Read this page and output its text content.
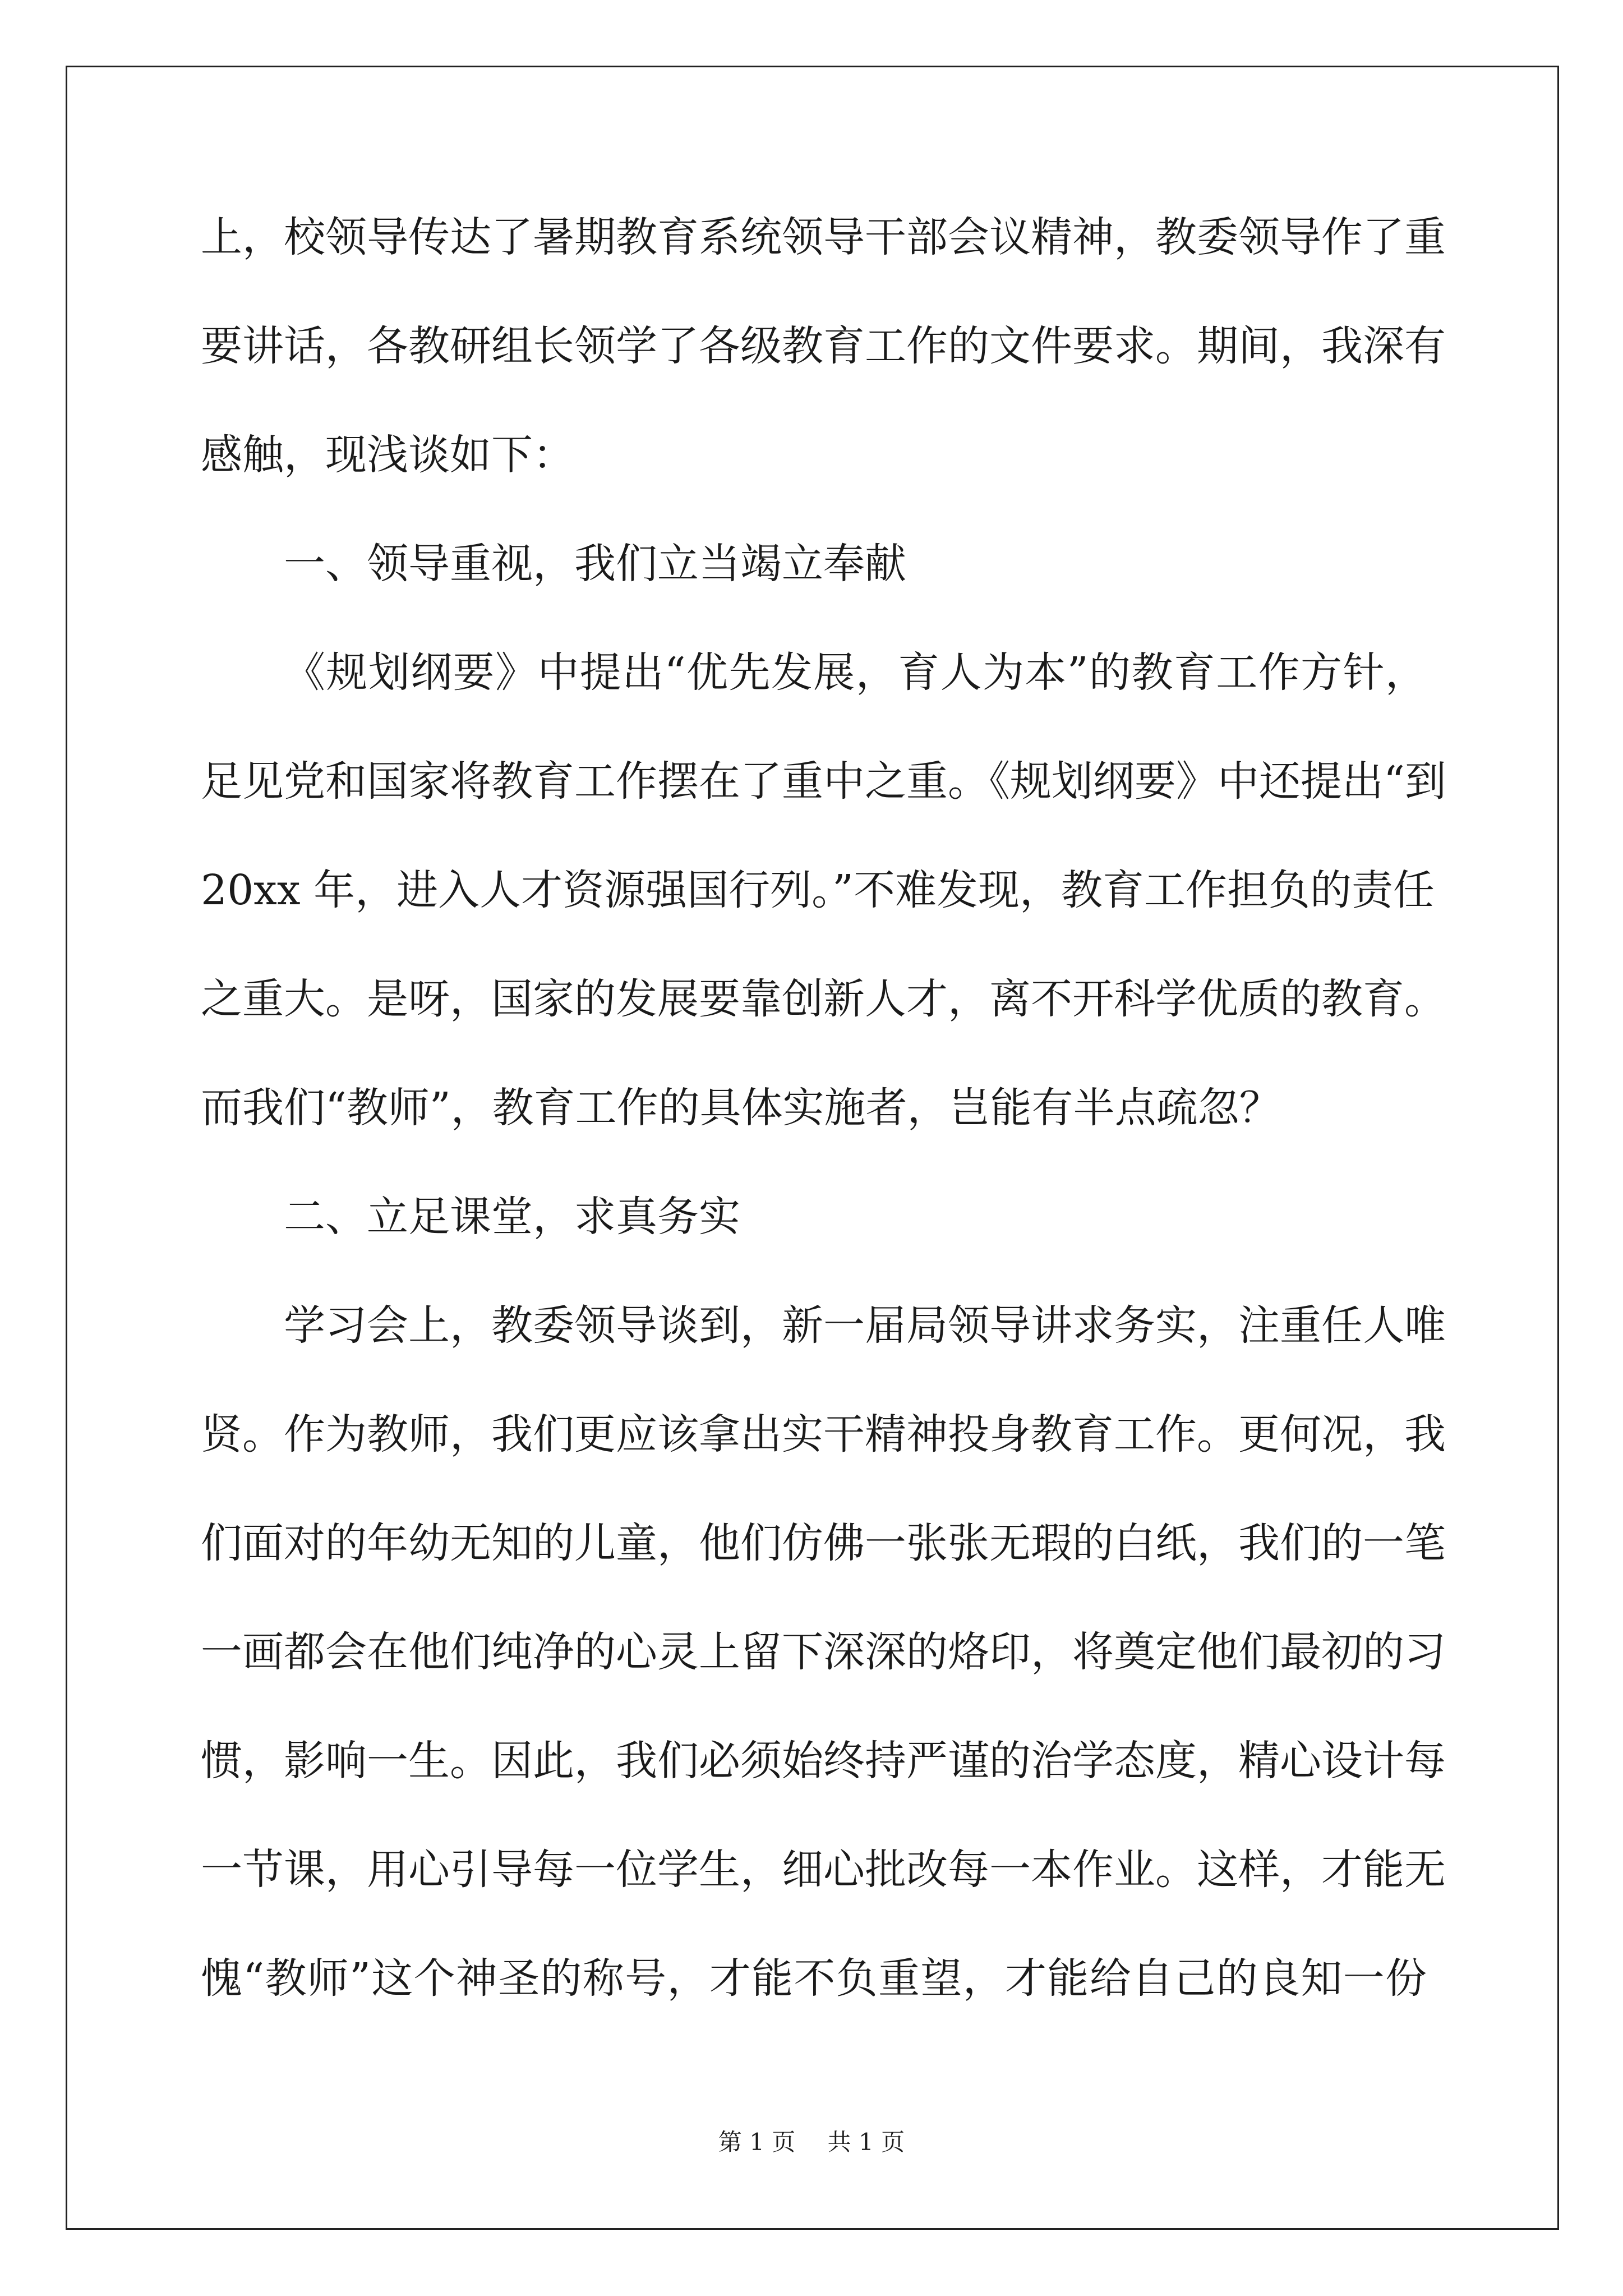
上，校领导传达了暑期教育系统领导干部会议精神，教委领导作了重
要讲话，各教研组长领学了各级教育工作的文件要求。期间，我深有
感触，现浅谈如下：
一、领导重视，我们立当竭立奉献
《规划纲要》中提出“优先发展，育人为本”的教育工作方针，
足见党和国家将教育工作摆在了重中之重。《规划纲要》中还提出“到
20xx 年，进入人才资源强国行列。”不难发现，教育工作担负的责任
之重大。是呀，国家的发展要靠创新人才，离不开科学优质的教育。
而我们“教师”，教育工作的具体实施者，岂能有半点疏忽？
二、立足课堂，求真务实
学习会上，教委领导谈到，新一届局领导讲求务实，注重任人唯
贤。作为教师，我们更应该拿出实干精神投身教育工作。更何况，我
们面对的年幼无知的儿童，他们仿佛一张张无瑕的白纸，我们的一笔
一画都会在他们纯净的心灵上留下深深的烙印，将奠定他们最初的习
惯，影响一生。因此，我们必须始终持严谨的治学态度，精心设计每
一节课，用心引导每一位学生，细心批改每一本作业。这样，才能无
愧“教师”这个神圣的称号，才能不负重望，才能给自己的良知一份
第 1 页 共 1 页
